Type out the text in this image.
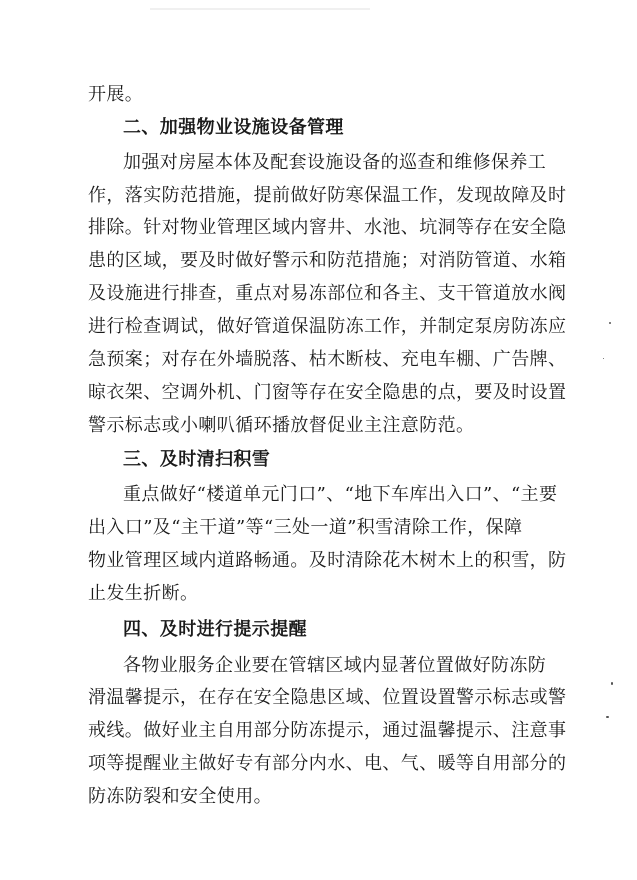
开展。
二、加强物业设施设备管理
加强对房屋本体及配套设施设备的巡查和维修保养工
作，落实防范措施，提前做好防寒保温工作，发现故障及时
排除。针对物业管理区域内窨井、水池、坑洞等存在安全隐
患的区域，要及时做好警示和防范措施；对消防管道、水箱
及设施进行排查，重点对易冻部位和各主、支干管道放水阀
进行检查调试，做好管道保温防冻工作，并制定泵房防冻应
急预案；对存在外墙脱落、枯木断枝、充电车棚、广告牌、
晾衣架、空调外机、门窗等存在安全隐患的点，要及时设置
警示标志或小喇叭循环播放督促业主注意防范。
三、及时清扫积雪
重点做好“楼道单元门口”、“地下车库出入口”、“主要
出入口”及“主干道”等“三处一道”积雪清除工作，保障
物业管理区域内道路畅通。及时清除花木树木上的积雪，防
止发生折断。
四、及时进行提示提醒
各物业服务企业要在管辖区域内显著位置做好防冻防
滑温馨提示，在存在安全隐患区域、位置设置警示标志或警
戒线。做好业主自用部分防冻提示，通过温馨提示、注意事
项等提醒业主做好专有部分内水、电、气、暖等自用部分的
防冻防裂和安全使用。
